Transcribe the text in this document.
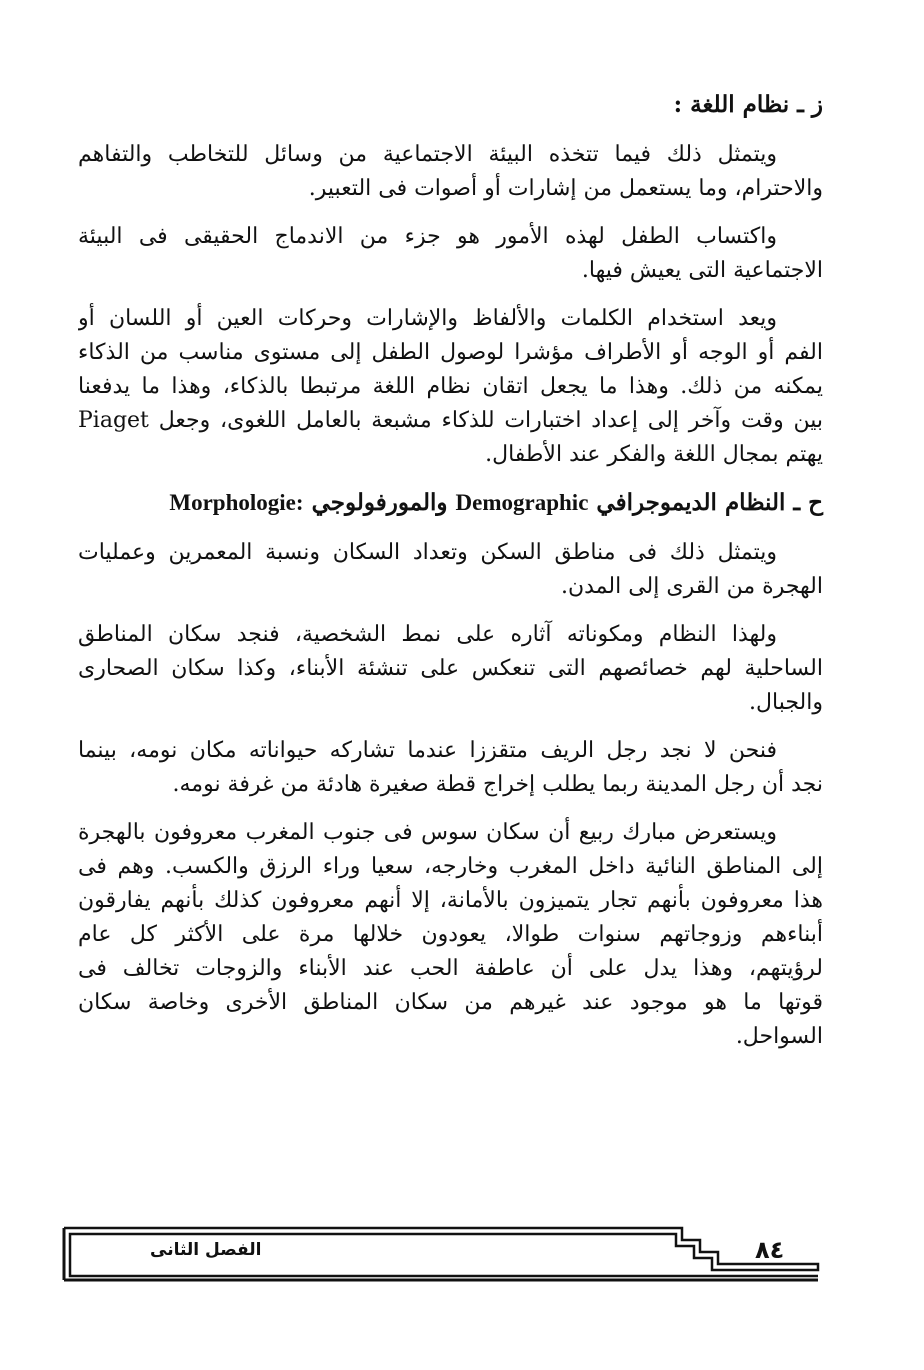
ز ـ نظام اللغة :
ويتمثل ذلك فيما تتخذه البيئة الاجتماعية من وسائل للتخاطب والتفاهم
والاحترام، وما يستعمل من إشارات أو أصوات فى التعبير.
واكتساب الطفل لهذه الأمور هو جزء من الاندماج الحقيقى فى البيئة
الاجتماعية التى يعيش فيها.
ويعد استخدام الكلمات والألفاظ والإشارات وحركات العين أو اللسان أو
الفم أو الوجه أو الأطراف مؤشرا لوصول الطفل إلى مستوى مناسب من الذكاء
يمكنه من ذلك. وهذا ما يجعل اتقان نظام اللغة مرتبطا بالذكاء، وهذا ما يدفعنا
بين وقت وآخر إلى إعداد اختبارات للذكاء مشبعة بالعامل اللغوى، وجعل Piaget
يهتم بمجال اللغة والفكر عند الأطفال.
ح ـ النظام الديموجرافي Demographic والمورفولوجي Morphologie:
ويتمثل ذلك فى مناطق السكن وتعداد السكان ونسبة المعمرين وعمليات
الهجرة من القرى إلى المدن.
ولهذا النظام ومكوناته آثاره على نمط الشخصية، فنجد سكان المناطق
الساحلية لهم خصائصهم التى تنعكس على تنشئة الأبناء، وكذا سكان الصحارى
والجبال.
فنحن لا نجد رجل الريف متقززا عندما تشاركه حيواناته مكان نومه، بينما
نجد أن رجل المدينة ربما يطلب إخراج قطة صغيرة هادئة من غرفة نومه.
ويستعرض مبارك ربيع أن سكان سوس فى جنوب المغرب معروفون بالهجرة
إلى المناطق النائية داخل المغرب وخارجه، سعيا وراء الرزق والكسب. وهم فى
هذا معروفون بأنهم تجار يتميزون بالأمانة، إلا أنهم معروفون كذلك بأنهم يفارقون
أبناءهم وزوجاتهم سنوات طوالا، يعودون خلالها مرة على الأكثر كل عام
لرؤيتهم، وهذا يدل على أن عاطفة الحب عند الأبناء والزوجات تخالف فى
قوتها ما هو موجود عند غيرهم من سكان المناطق الأخرى وخاصة سكان
السواحل.
الفصل الثانى	٨٤
